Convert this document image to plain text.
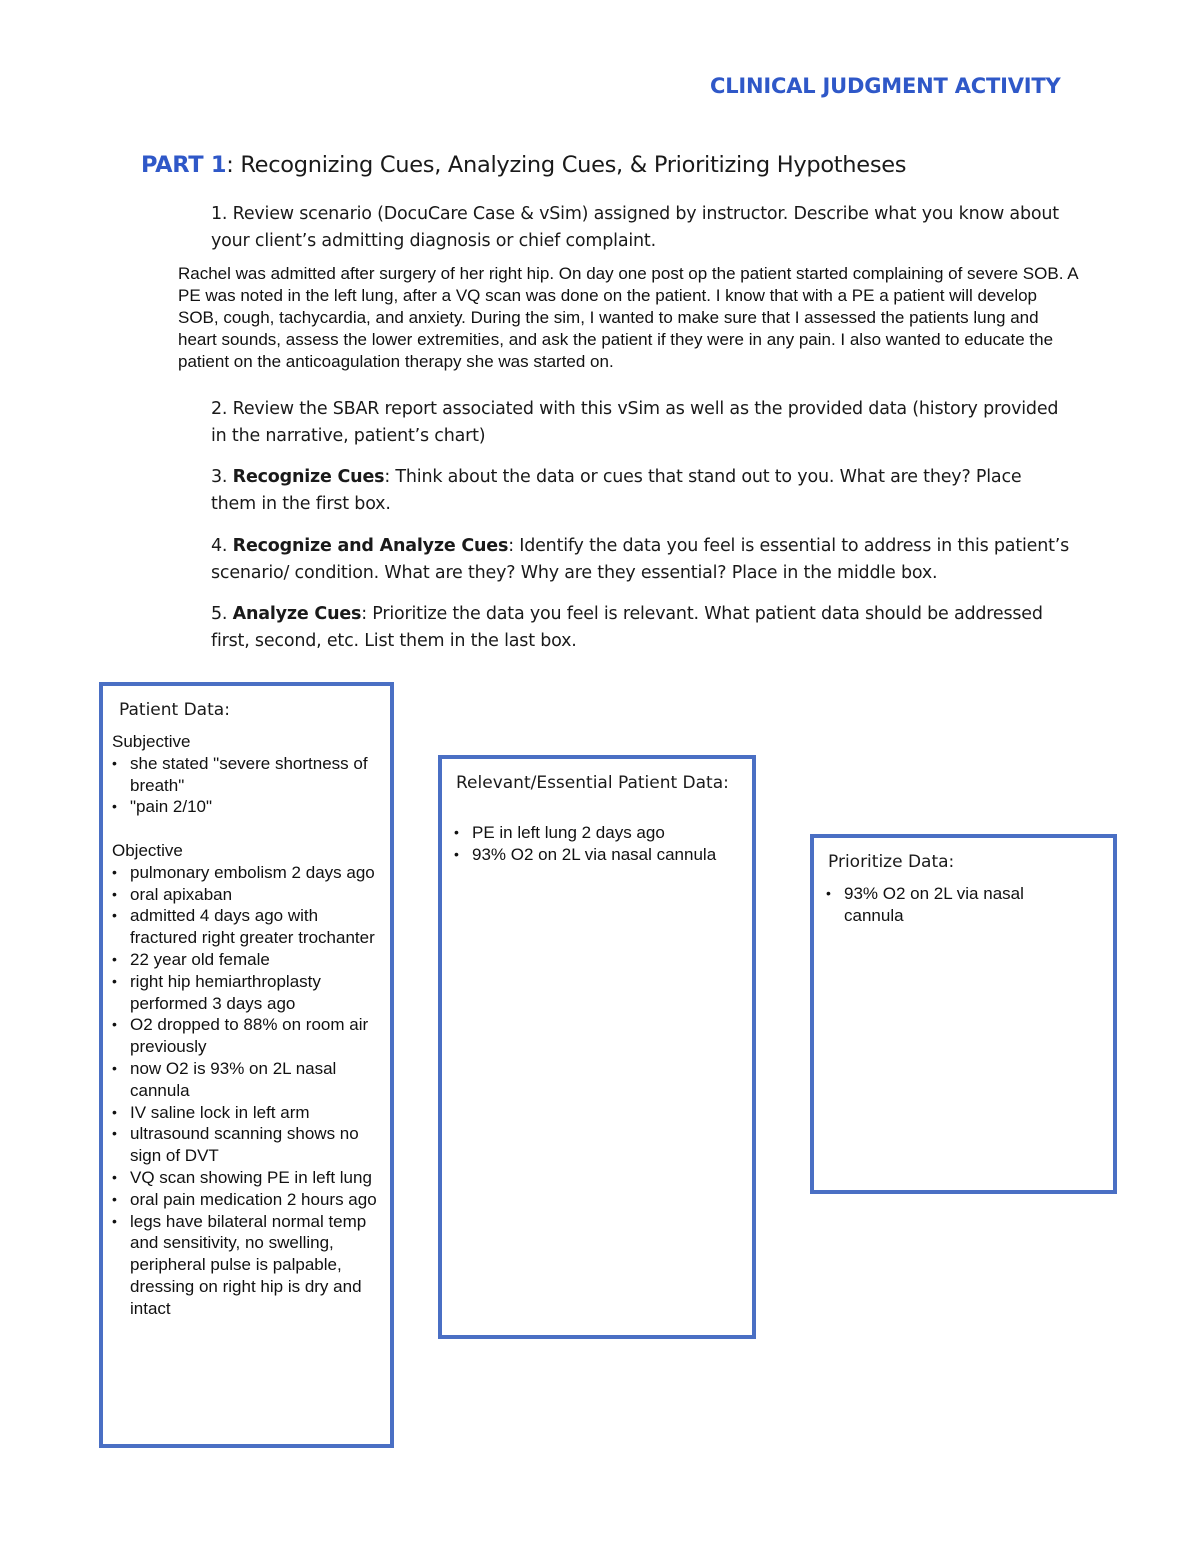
CLINICAL JUDGMENT ACTIVITY
PART 1: Recognizing Cues, Analyzing Cues, & Prioritizing Hypotheses
1. Review scenario (DocuCare Case & vSim) assigned by instructor. Describe what you know about your client’s admitting diagnosis or chief complaint.
Rachel was admitted after surgery of her right hip. On day one post op the patient started complaining of severe SOB. A PE was noted in the left lung, after a VQ scan was done on the patient. I know that with a PE a patient will develop SOB, cough, tachycardia, and anxiety. During the sim, I wanted to make sure that I assessed the patients lung and heart sounds, assess the lower extremities, and ask the patient if they were in any pain. I also wanted to educate the patient on the anticoagulation therapy she was started on.
2. Review the SBAR report associated with this vSim as well as the provided data (history provided in the narrative, patient’s chart)
3. Recognize Cues: Think about the data or cues that stand out to you. What are they? Place them in the first box.
4. Recognize and Analyze Cues: Identify the data you feel is essential to address in this patient’s scenario/ condition. What are they? Why are they essential? Place in the middle box.
5. Analyze Cues: Prioritize the data you feel is relevant. What patient data should be addressed first, second, etc. List them in the last box.
Patient Data:
Subjective
• she stated "severe shortness of breath"
• "pain 2/10"
Objective
• pulmonary embolism 2 days ago
• oral apixaban
• admitted 4 days ago with fractured right greater trochanter
• 22 year old female
• right hip hemiarthroplasty performed 3 days ago
• O2 dropped to 88% on room air previously
• now O2 is 93% on 2L nasal cannula
• IV saline lock in left arm
• ultrasound scanning shows no sign of DVT
• VQ scan showing PE in left lung
• oral pain medication 2 hours ago
• legs have bilateral normal temp and sensitivity, no swelling, peripheral pulse is palpable, dressing on right hip is dry and intact
Relevant/Essential Patient Data:
• PE in left lung 2 days ago
• 93% O2 on 2L via nasal cannula	Prioritize Data:
• 93% O2 on 2L via nasal cannula
